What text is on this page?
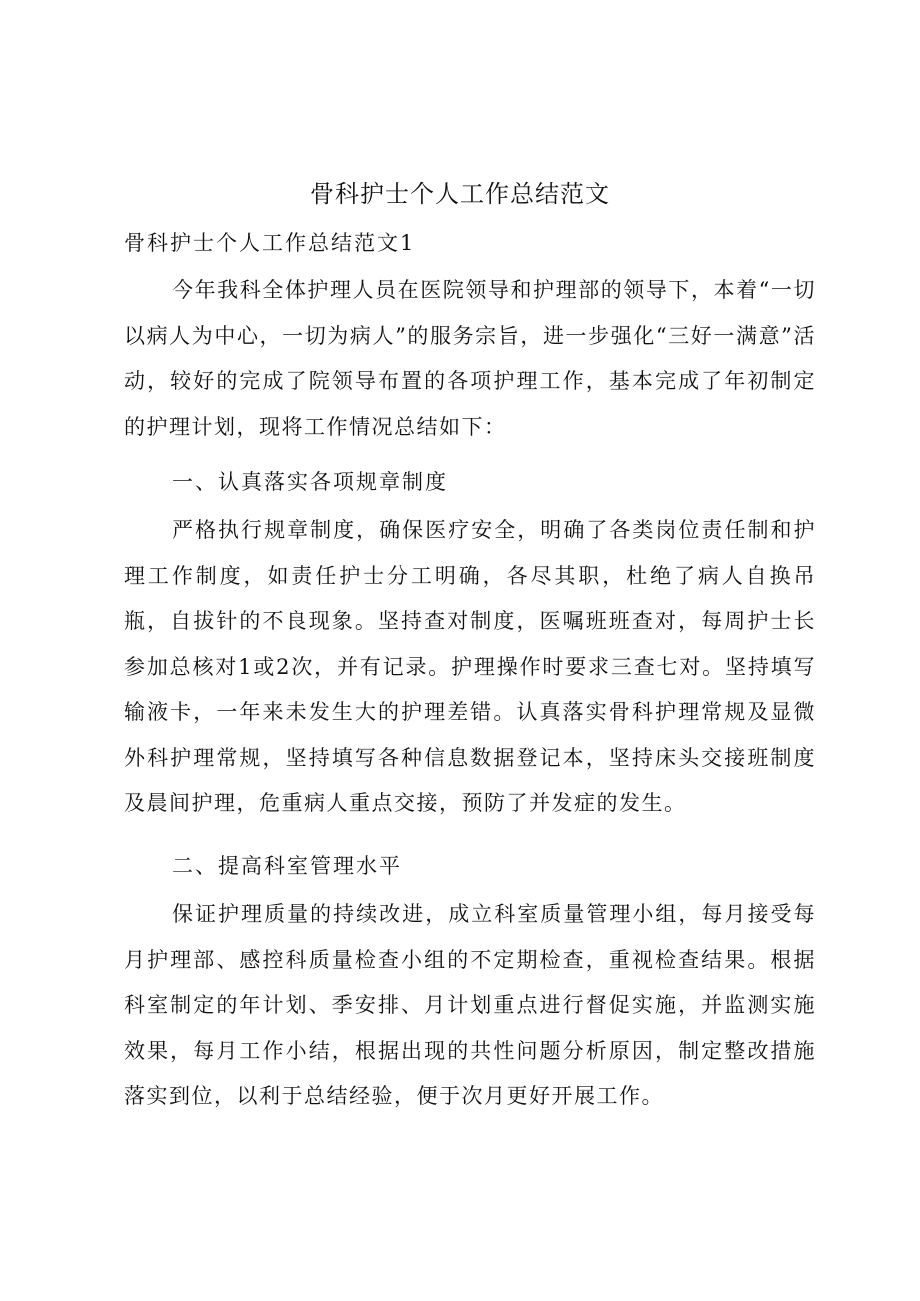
骨科护士个人工作总结范文
骨科护士个人工作总结范文1

今年我科全体护理人员在医院领导和护理部的领导下，本着“一切以病人为中心，一切为病人”的服务宗旨，进一步强化“三好一满意”活动，较好的完成了院领导布置的各项护理工作，基本完成了年初制定的护理计划，现将工作情况总结如下：

一、认真落实各项规章制度

严格执行规章制度，确保医疗安全，明确了各类岗位责任制和护理工作制度，如责任护士分工明确，各尽其职，杜绝了病人自换吊瓶，自拔针的不良现象。坚持查对制度，医嘱班班查对，每周护士长参加总核对1或2次，并有记录。护理操作时要求三查七对。坚持填写输液卡，一年来未发生大的护理差错。认真落实骨科护理常规及显微外科护理常规，坚持填写各种信息数据登记本，坚持床头交接班制度及晨间护理，危重病人重点交接，预防了并发症的发生。

二、提高科室管理水平

保证护理质量的持续改进，成立科室质量管理小组，每月接受每月护理部、感控科质量检查小组的不定期检查，重视检查结果。根据科室制定的年计划、季安排、月计划重点进行督促实施，并监测实施效果，每月工作小结，根据出现的共性问题分析原因，制定整改措施落实到位，以利于总结经验，便于次月更好开展工作。
